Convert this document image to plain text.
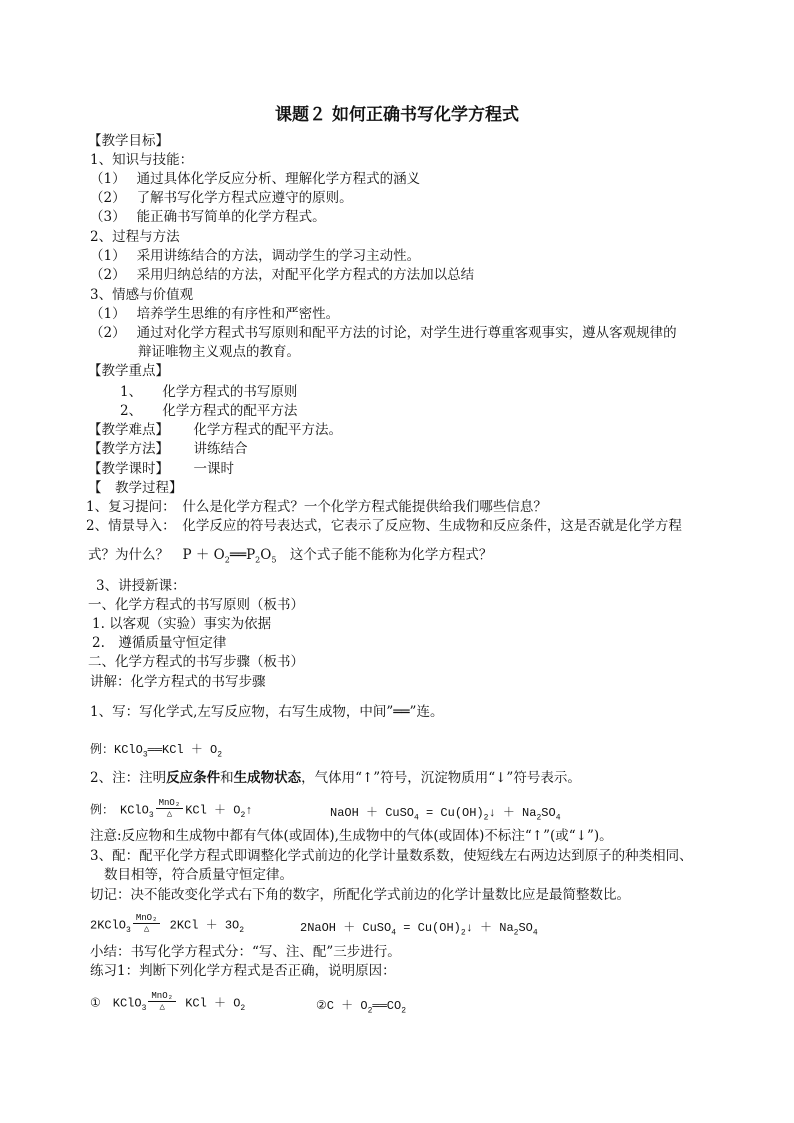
课题２ 如何正确书写化学方程式
【教学目标】
1、知识与技能：
（1）　 通过具体化学反应分析、理解化学方程式的涵义
（2）　 了解书写化学方程式应遵守的原则。
（3）　 能正确书写简单的化学方程式。
2、过程与方法
（1）　 采用讲练结合的方法，调动学生的学习主动性。
（2）　 采用归纳总结的方法，对配平化学方程式的方法加以总结
3、情感与价值观
（1）　 培养学生思维的有序性和严密性。
（2）　 通过对化学方程式书写原则和配平方法的讨论，对学生进行尊重客观事实，遵从客观规律的
辩证唯物主义观点的教育。
【教学重点】
1、　　化学方程式的书写原则
2、　　化学方程式的配平方法
【教学难点】　　 化学方程式的配平方法。
【教学方法】　　 讲练结合
【教学课时】　　 一课时
【　教学过程】
1、复习提问：　什么是化学方程式？一个化学方程式能提供给我们哪些信息？
2、情景导入：　化学反应的符号表达式，它表示了反应物、生成物和反应条件，这是否就是化学方程
式？为什么？　$P + O_2══P_2O_5$　这个式子能不能称为化学方程式？
3、讲授新课：
一、化学方程式的书写原则（板书）
1. 以客观（实验）事实为依据
2.　遵循质量守恒定律
二、化学方程式的书写步骤（板书）
讲解：化学方程式的书写步骤
1、写：写化学式,左写反应物，右写生成物，中间”══”连。
例：KClO$_3$══KCl ＋ $O_2$
2、注：注明反应条件和生成物状态，气体用“↑”符号，沉淀物质用“↓”符号表示。
例：　KClO$_3$
MnO₂
△	KCl ＋ $O_2↑$	NaOH ＋ CuSO$_4$ = $Cu(OH)_2↓ + Na_2SO_4$
注意:反应物和生成物中都有气体(或固体),生成物中的气体(或固体)不标注“↑”(或“↓”)。
3、配：配平化学方程式即调整化学式前边的化学计量数系数，使短线左右两边达到原子的种类相同、
数目相等，符合质量守恒定律。
切记：决不能改变化学式右下角的数字，所配化学式前边的化学计量数比应是最简整数比。
2KClO$_3$
MnO₂
△	$2KCl + 3O_2$	2NaOH ＋ CuSO$_4$ = $Cu(OH)_2↓ + Na_2SO_4$
小结：书写化学方程式分：“写、注、配”三步进行。
练习1：判断下列化学方程式是否正确，说明原因：
①　KClO$_3$
MnO₂
△	KCl ＋ $O_2$	②C ＋ $O_2══CO_2$
